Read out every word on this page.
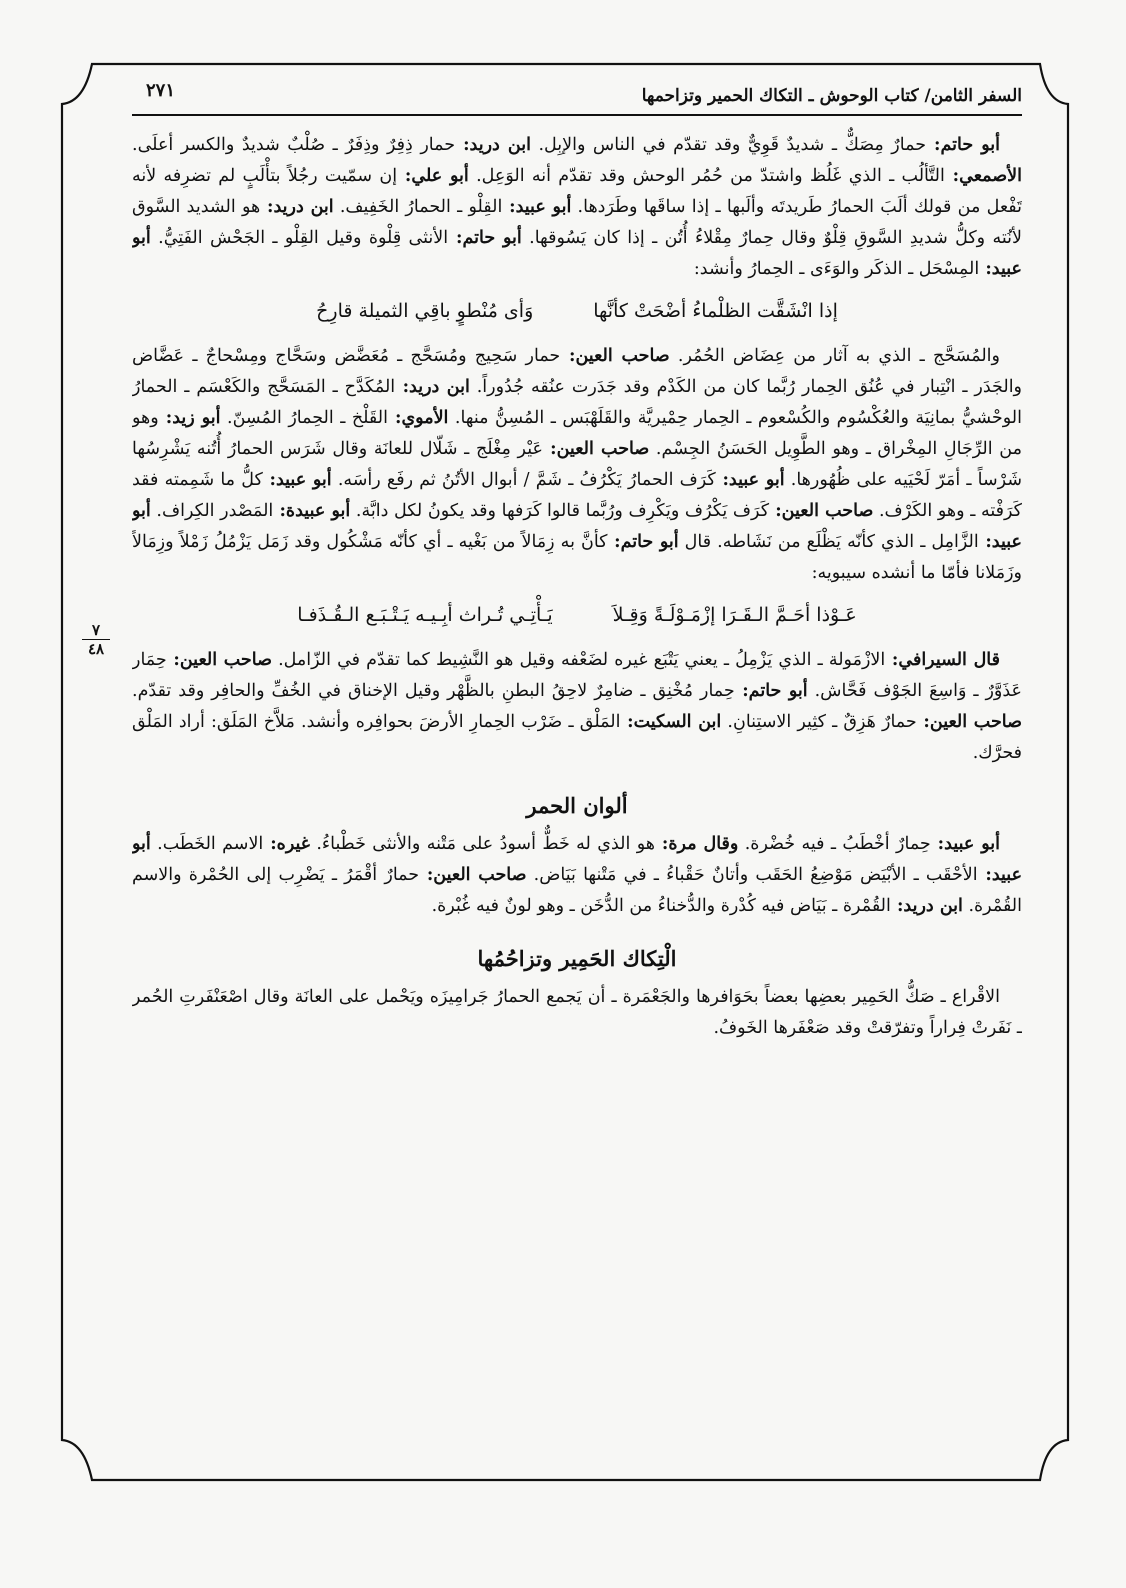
٧
٤٨
السفر الثامن/ كتاب الوحوش ـ التكاك الحمير وتزاحمها
٢٧١

أبو حاتم: حمارٌ مِصَكٌّ ـ شديدٌ قَوِيٌّ وقد تقدّم في الناس والإبِل. ابن دريد: حمار ذِفِرٌ وذِفَرٌ ـ صُلْبٌ شديدٌ والكسر أعلَى. الأصمعي: التَّألُب ـ الذي غَلُظ واشتدّ من حُمُر الوحش وقد تقدّم أنه الوَعِل. أبو علي: إن سمّيت رجُلاً بتأْلَبٍ لم تضرِفه لأنه تَفْعل من قولك ألَبَ الحمارُ طَريدتَه وألَبها ـ إذا ساقَها وطَرَدها. أبو عبيد: القِلْو ـ الحمارُ الخَفِيف. ابن دريد: هو الشديد السَّوق لأنُته وكلُّ شديدِ السَّوقِ قِلْوٌ وقال حِمارٌ مِقْلاءُ أُتُن ـ إذا كان يَسُوقها. أبو حاتم: الأنثى قِلْوة وقيل القِلْو ـ الجَحْش الفَتِيُّ. أبو عبيد: المِسْحَل ـ الذكَر والوَءَى ـ الحِمارُ وأنشد:

إذا انْشَقَّت الظلْماءُ أضْحَتْ كأنَّها
وَأى مُنْطوٍ باقِي الثميلة قارِحُ

والمُسَحَّج ـ الذي به آثار من عِضَاض الحُمُر. صاحب العين: حمار سَحِيج ومُسَحَّج ـ مُعَضَّض وسَحَّاج ومِسْحاجٌ ـ عَضَّاض والجَدَر ـ انْتِبار في عُنُق الحِمار رُبَّما كان من الكَدْم وقد جَدَرت عنُقه جُدُوراً. ابن دريد: المُكَدَّح ـ المَسَحَّج والكَعْسَم ـ الحمارُ الوحْشيُّ بمانِيَة والعُكْسُوم والكُسْعوم ـ الحِمار حِمْيريَّة والقَلَهْبَس ـ المُسِنُّ منها. الأموي: القَلْخ ـ الحِمارُ المُسِنّ. أبو زيد: وهو من الرِّجَالِ المِخْراق ـ وهو الطَّوِيل الحَسَنُ الجِسْم. صاحب العين: عَيْر مِغْلَج ـ شَلّال للعانَة وقال شَرَس الحمارُ أُتُنه يَشْرِسُها شَرْساً ـ أمَرّ لَحْيَيه على ظُهُورها. أبو عبيد: كَرَف الحمارُ يَكْرُفُ ـ شَمَّ / أبوال الأتُنُ ثم رفَع رأسَه. أبو عبيد: كلُّ ما شَمِمته فقد كَرَفْته ـ وهو الكَرْف. صاحب العين: كَرَف يَكْرُف ويَكْرِف ورُبَّما قالوا كَرَفها وقد يكونُ لكل دابَّة. أبو عبيدة: المَصْدر الكِراف. أبو عبيد: الزَّامِل ـ الذي كأنّه يَظْلَع من نَشَاطه. قال أبو حاتم: كأنَّ به زِمَالاً من بَغْيه ـ أي كأنّه مَشْكُول وقد زَمَل يَزْمُلُ زَمْلاً وزِمَالاً وزَمَلانا فأمّا ما أنشده سيبويه:

عَـوْذا أحَـمَّ الـقَـرَا إزْمَـوْلَـةً وَقِـلاَ
يَـأْتِـي تُـراث أبِـيـه يَـتْـبَـع الـقُـذَفـا

قال السيرافي: الازْمَولة ـ الذي يَزْمِلُ ـ يعني يَتْبَع غيره لضَعْفه وقيل هو النَّشِيط كما تقدّم في الزّامل. صاحب العين: حِمَار عَذَوَّرٌ ـ وَاسِعَ الجَوْف فَحَّاش. أبو حاتم: حِمار مُخْنِق ـ ضامِرٌ لاحِقُ البطنِ بالظَّهْر وقيل الإخناق في الخُفِّ والحافِر وقد تقدّم. صاحب العين: حمارٌ هَزِقٌ ـ كثِير الاستِنانِ. ابن السكيت: المَلْق ـ ضَرْب الحِمارِ الأرضَ بحوافِره وأنشد. مَلاَّخ المَلَق: أراد المَلْق فحرَّك.

ألوان الحمر

أبو عبيد: حِمارٌ أخْطَبُ ـ فيه خُضْرة. وقال مرة: هو الذي له خَطٌّ أسودُ على مَتْنه والأنثى خَطْباءُ. غيره: الاسم الخَطَب. أبو عبيد: الأحْقَب ـ الأبْيَض مَوْضِعُ الحَقَب وأتانٌ حَقْباءُ ـ في مَتْنها بَيَاض. صاحب العين: حمارٌ أقْمَرُ ـ يَضْرِب إلى الحُمْرة والاسم القُمْرة. ابن دريد: القُمْرة ـ بَيَاض فيه كُدْرة والدُّخناءُ من الدُّخَن ـ وهو لونٌ فيه غُبْرة.

الْتِكاك الحَمِير وتزاحُمُها

الاقْراع ـ صَكُّ الحَمِير بعضِها بعضاً بحَوَافرها والجَعْمَرة ـ أن يَجمع الحمارُ جَرامِيزَه ويَحْمل على العانَة وقال اصْعَنْفَرتِ الحُمر ـ نَفَرتْ فِراراً وتفرّقتْ وقد صَعْفَرها الخَوفُ.
